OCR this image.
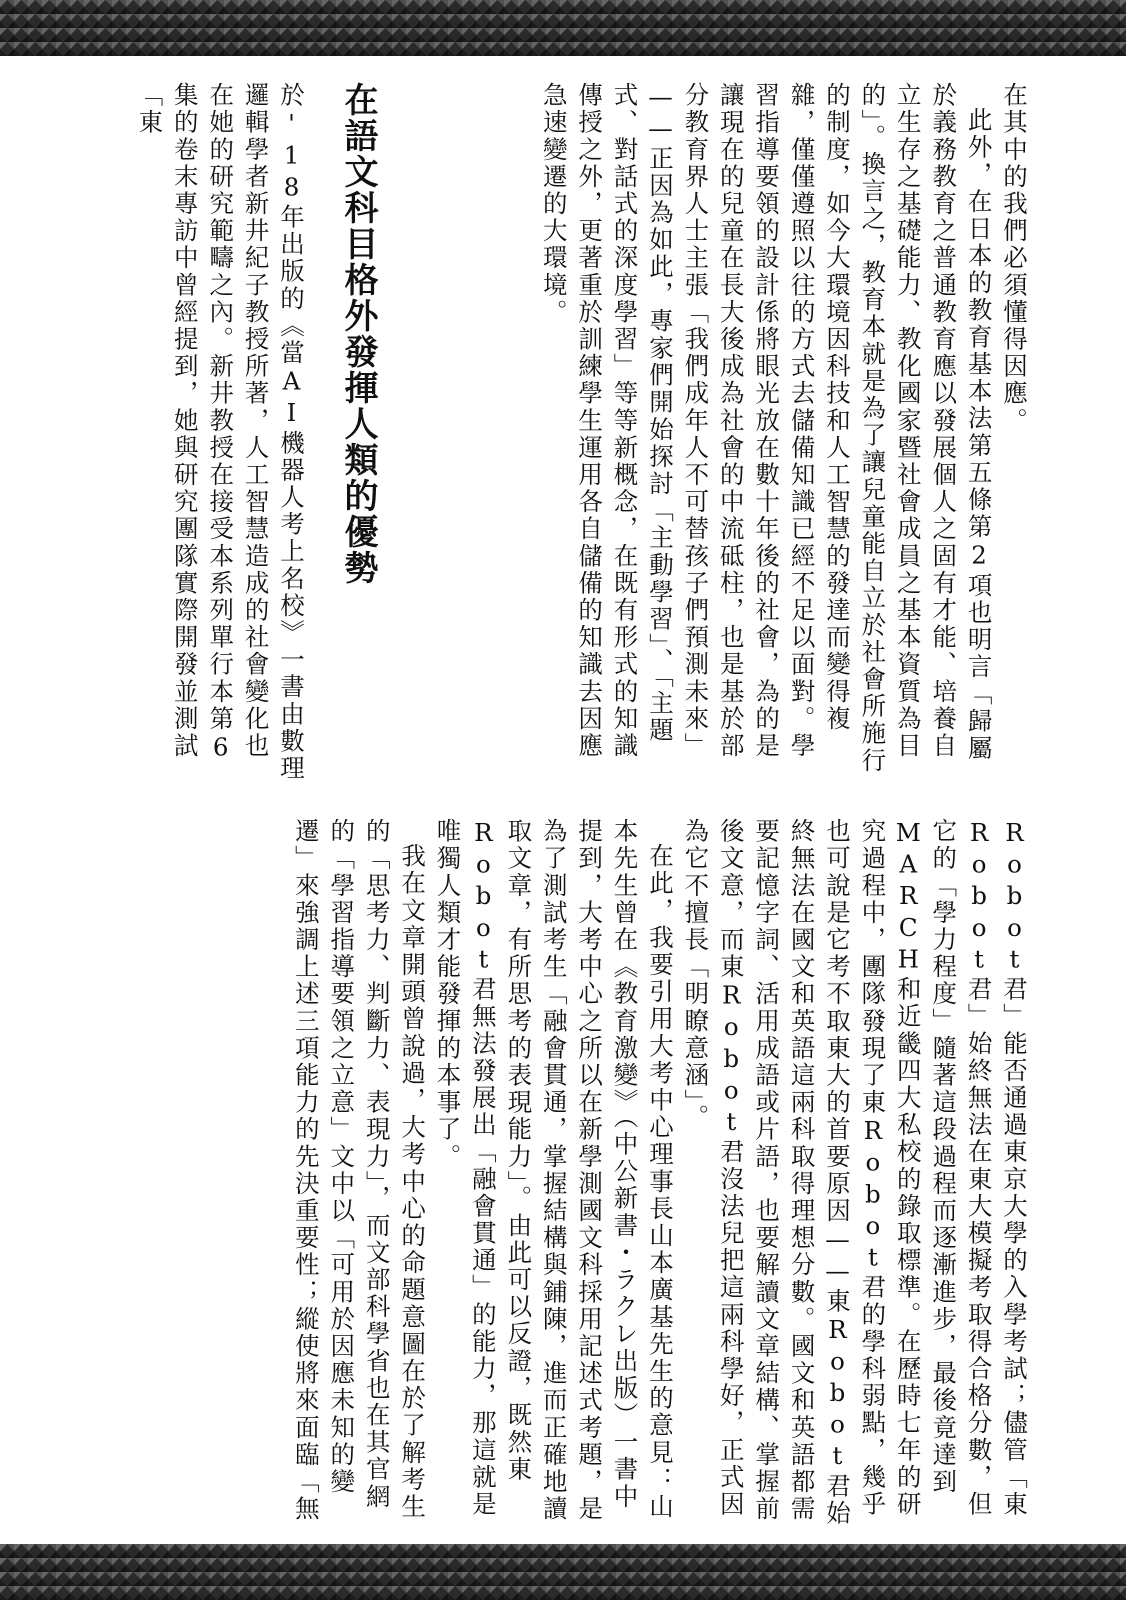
在其中的我們必須懂得因應。

此外，在日本的教育基本法第五條第2項也明言「歸屬於義務教育之普通教育應以發展個人之固有才能、培養自立生存之基礎能力、教化國家暨社會成員之基本資質為目的」。換言之，教育本就是為了讓兒童能自立於社會所施行的制度，如今大環境因科技和人工智慧的發達而變得複雜，僅僅遵照以往的方式去儲備知識已經不足以面對。學習指導要領的設計係將眼光放在數十年後的社會，為的是讓現在的兒童在長大後成為社會的中流砥柱，也是基於部分教育界人士主張「我們成年人不可替孩子們預測未來」——正因為如此，專家們開始探討「主動學習」、「主題式、對話式的深度學習」等等新概念，在既有形式的知識傳授之外，更著重於訓練學生運用各自儲備的知識去因應急速變遷的大環境。

在語文科目格外發揮人類的優勢

於'18年出版的《當AI機器人考上名校》一書由數理邏輯學者新井紀子教授所著，人工智慧造成的社會變化也在她的研究範疇之內。新井教授在接受本系列單行本第6集的卷末專訪中曾經提到，她與研究團隊實際開發並測試「東

Robot君」能否通過東京大學的入學考試；儘管「東Robot君」始終無法在東大模擬考取得合格分數，但它的「學力程度」隨著這段過程而逐漸進步，最後竟達到MARCH和近畿四大私校的錄取標準。在歷時七年的研究過程中，團隊發現了東Robot君的學科弱點，幾乎也可說是它考不取東大的首要原因——東Robot君始終無法在國文和英語這兩科取得理想分數。國文和英語都需要記憶字詞、活用成語或片語，也要解讀文章結構、掌握前後文意，而東Robot君沒法兒把這兩科學好，正式因為它不擅長「明瞭意涵」。

在此，我要引用大考中心理事長山本廣基先生的意見：山本先生曾在《教育激變》（中公新書・ラクレ出版）一書中提到，大考中心之所以在新學測國文科採用記述式考題，是為了測試考生「融會貫通，掌握結構與鋪陳，進而正確地讀取文章，有所思考的表現能力」。由此可以反證，既然東Robot君無法發展出「融會貫通」的能力，那這就是唯獨人類才能發揮的本事了。

我在文章開頭曾說過，大考中心的命題意圖在於了解考生的「思考力、判斷力、表現力」，而文部科學省也在其官網的「學習指導要領之立意」文中以「可用於因應未知的變遷」來強調上述三項能力的先決重要性；縱使將來面臨「無
